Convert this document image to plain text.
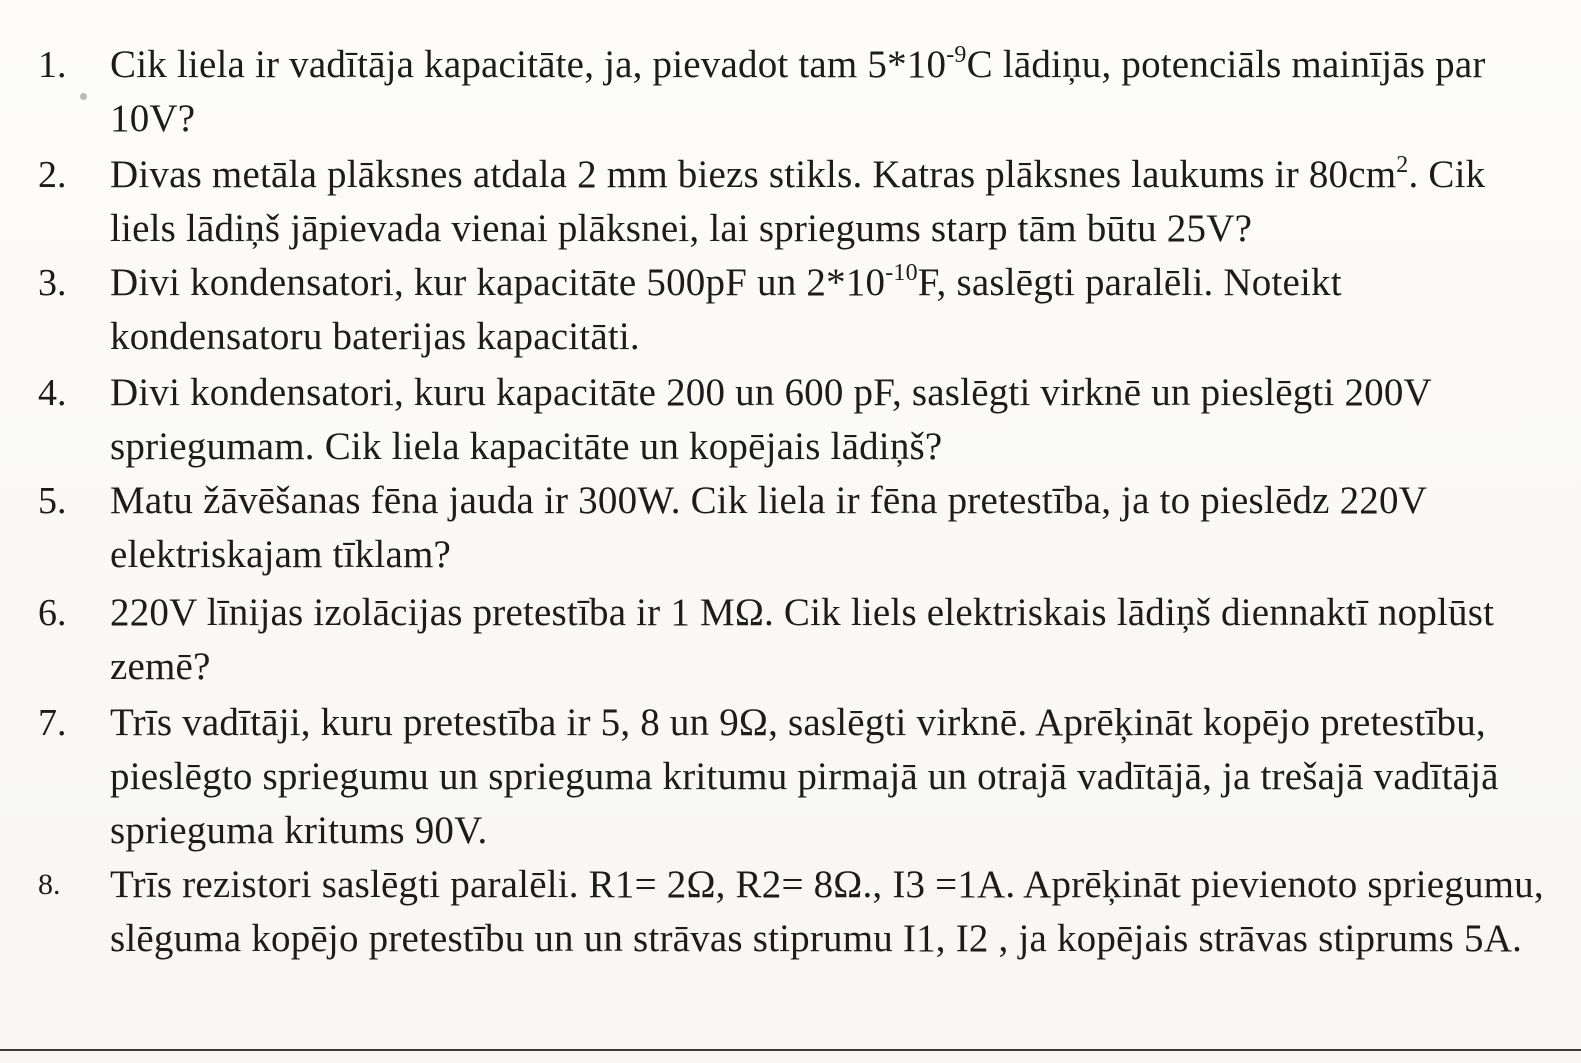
1.	Cik liela ir vadītāja kapacitāte, ja, pievadot tam $5*10^{-9}C$ lādiņu, potenciāls mainījās par 10V?
2.	Divas metāla plāksnes atdala 2 mm biezs stikls. Katras plāksnes laukums ir $80cm^2$. Cik liels lādiņš jāpievada vienai plāksnei, lai spriegums starp tām būtu 25V?
3.	Divi kondensatori, kur kapacitāte 500pF un $2*10^{-10}F$, saslēgti paralēli. Noteikt kondensatoru baterijas kapacitāti.
4.	Divi kondensatori, kuru kapacitāte 200 un 600 pF, saslēgti virknē un pieslēgti 200V spriegumam. Cik liela kapacitāte un kopējais lādiņš?
5.	Matu žāvēšanas fēna jauda ir 300W. Cik liela ir fēna pretestība, ja to pieslēdz 220V elektriskajam tīklam?
6.	220V līnijas izolācijas pretestība ir 1 MΩ. Cik liels elektriskais lādiņš diennaktī noplūst zemē?
7.	Trīs vadītāji, kuru pretestība ir 5, 8 un 9Ω, saslēgti virknē. Aprēķināt kopējo pretestību, pieslēgto spriegumu un sprieguma kritumu pirmajā un otrajā vadītājā, ja trešajā vadītājā sprieguma kritums 90V.
8.	Trīs rezistori saslēgti paralēli. R1= 2Ω, R2= 8Ω., I3 =1A. Aprēķināt pievienoto spriegumu, slēguma kopējo pretestību un un strāvas stiprumu I1, I2 , ja kopējais strāvas stiprums 5A.
